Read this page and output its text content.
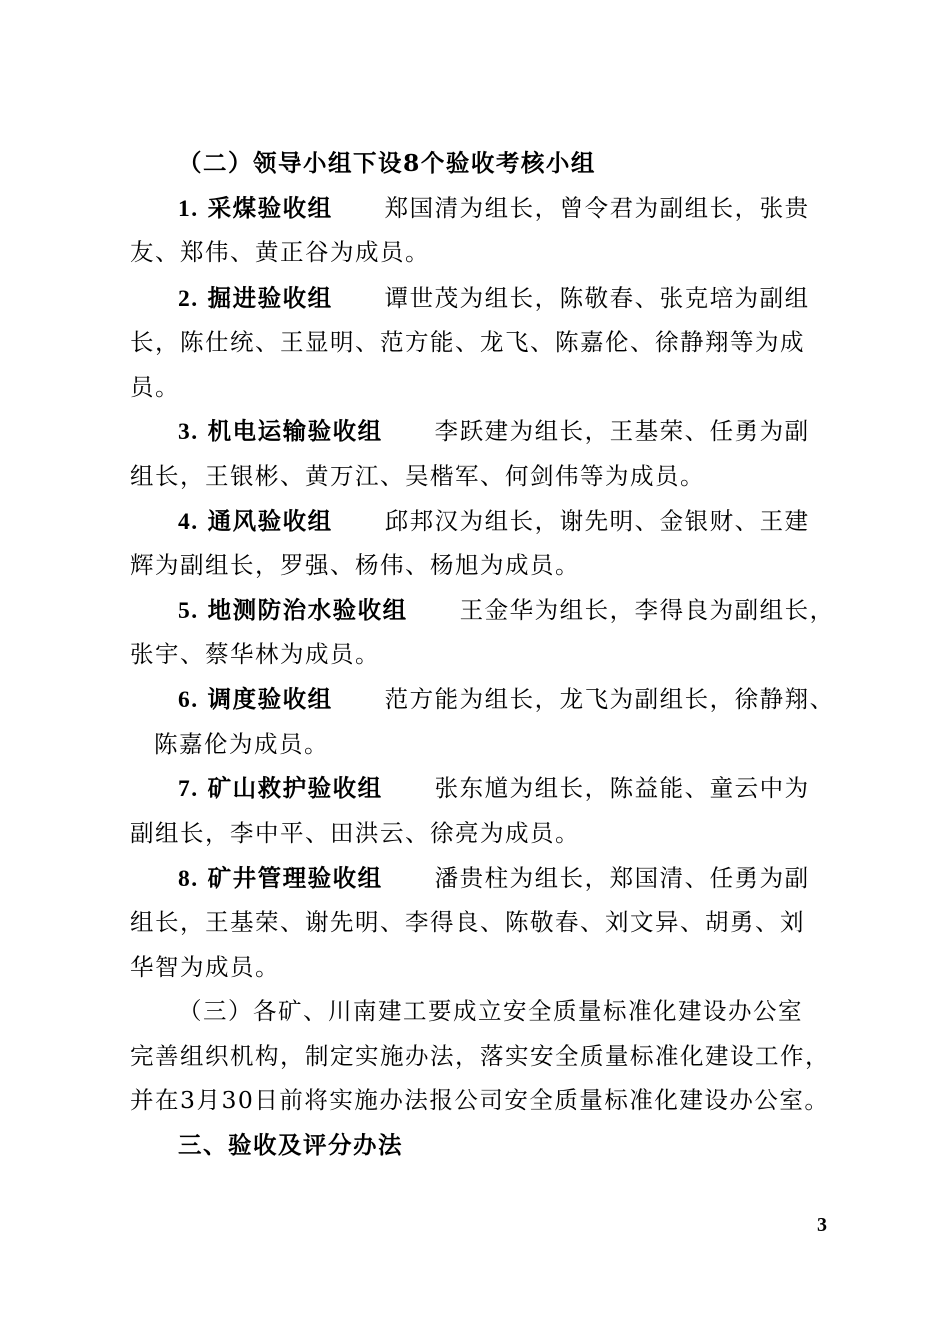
（二）领导小组下设8个验收考核小组
1. 采煤验收组 郑国清为组长，曾令君为副组长，张贵
友、郑伟、黄正谷为成员。
2. 掘进验收组 谭世茂为组长，陈敬春、张克培为副组
长，陈仕统、王显明、范方能、龙飞、陈嘉伦、徐静翔等为成
员。
3. 机电运输验收组 李跃建为组长，王基荣、任勇为副
组长，王银彬、黄万江、吴楷军、何剑伟等为成员。
4. 通风验收组 邱邦汉为组长，谢先明、金银财、王建
辉为副组长，罗强、杨伟、杨旭为成员。
5. 地测防治水验收组 王金华为组长，李得良为副组长，
张宇、蔡华林为成员。
6. 调度验收组 范方能为组长，龙飞为副组长，徐静翔、
陈嘉伦为成员。
7. 矿山救护验收组 张东馗为组长，陈益能、童云中为
副组长，李中平、田洪云、徐亮为成员。
8. 矿井管理验收组 潘贵柱为组长，郑国清、任勇为副
组长，王基荣、谢先明、李得良、陈敬春、刘文异、胡勇、刘
华智为成员。
（三）各矿、川南建工要成立安全质量标准化建设办公室
完善组织机构，制定实施办法，落实安全质量标准化建设工作，
并在3月30日前将实施办法报公司安全质量标准化建设办公室。
三、验收及评分办法
3
